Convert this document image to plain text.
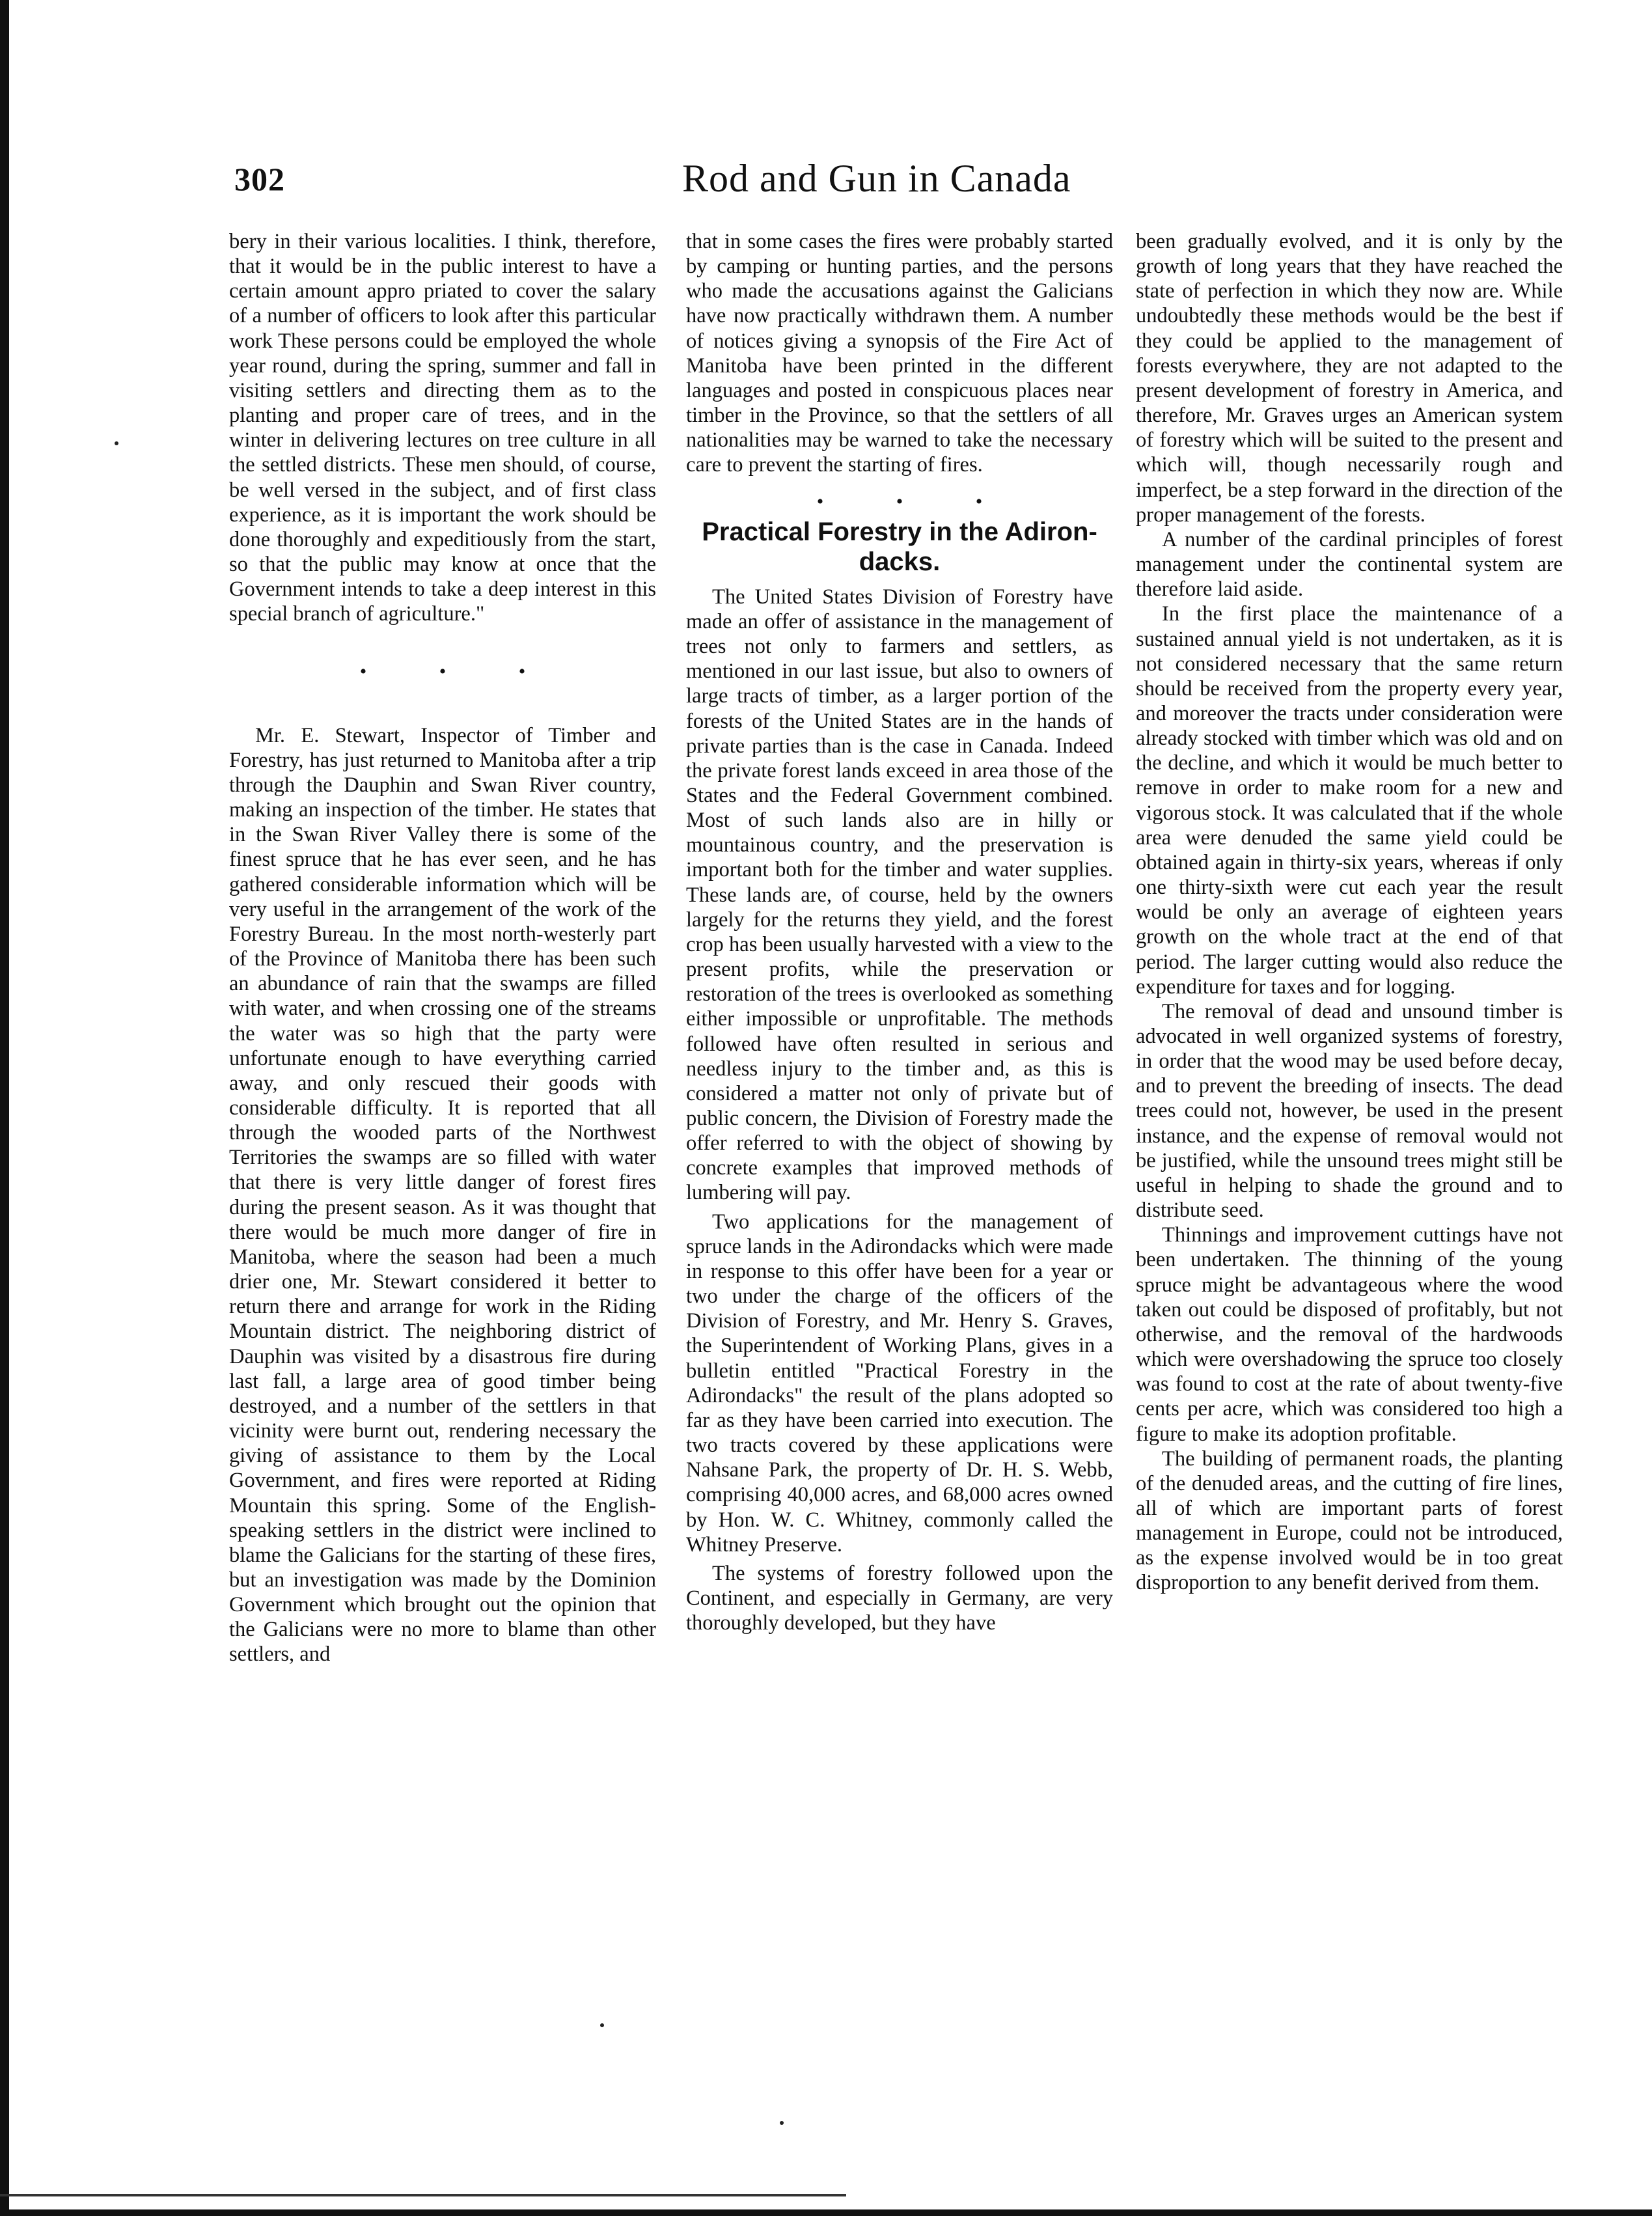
302	Rod and Gun in Canada

bery in their various localities. I think, therefore, that it would be in the public interest to have a certain amount appro priated to cover the salary of a number of officers to look after this particular work These persons could be employed the whole year round, during the spring, summer and fall in visiting settlers and directing them as to the planting and proper care of trees, and in the winter in delivering lectures on tree culture in all the settled districts. These men should, of course, be well versed in the subject, and of first class experience, as it is important the work should be done thoroughly and expeditiously from the start, so that the public may know at once that the Government intends to take a deep interest in this special branch of agriculture."

• • •

Mr. E. Stewart, Inspector of Timber and Forestry, has just returned to Manitoba after a trip through the Dauphin and Swan River country, making an inspection of the timber. He states that in the Swan River Valley there is some of the finest spruce that he has ever seen, and he has gathered considerable information which will be very useful in the arrangement of the work of the Forestry Bureau. In the most north-westerly part of the Province of Manitoba there has been such an abundance of rain that the swamps are filled with water, and when crossing one of the streams the water was so high that the party were unfortunate enough to have everything carried away, and only rescued their goods with considerable difficulty. It is reported that all through the wooded parts of the Northwest Territories the swamps are so filled with water that there is very little danger of forest fires during the present season. As it was thought that there would be much more danger of fire in Manitoba, where the season had been a much drier one, Mr. Stewart considered it better to return there and arrange for work in the Riding Mountain district. The neighboring district of Dauphin was visited by a disastrous fire during last fall, a large area of good timber being destroyed, and a number of the settlers in that vicinity were burnt out, rendering necessary the giving of assistance to them by the Local Government, and fires were reported at Riding Mountain this spring. Some of the English-speaking settlers in the district were inclined to blame the Galicians for the starting of these fires, but an investigation was made by the Dominion Government which brought out the opinion that the Galicians were no more to blame than other settlers, and

that in some cases the fires were probably started by camping or hunting parties, and the persons who made the accusations against the Galicians have now practically withdrawn them. A number of notices giving a synopsis of the Fire Act of Manitoba have been printed in the different languages and posted in conspicuous places near timber in the Province, so that the settlers of all nationalities may be warned to take the necessary care to prevent the starting of fires.

• • •
Practical Forestry in the Adiron-
dacks.

The United States Division of Forestry have made an offer of assistance in the management of trees not only to farmers and settlers, as mentioned in our last issue, but also to owners of large tracts of timber, as a larger portion of the forests of the United States are in the hands of private parties than is the case in Canada. Indeed the private forest lands exceed in area those of the States and the Federal Government combined. Most of such lands also are in hilly or mountainous country, and the preservation is important both for the timber and water supplies. These lands are, of course, held by the owners largely for the returns they yield, and the forest crop has been usually harvested with a view to the present profits, while the preservation or restoration of the trees is overlooked as something either impossible or unprofitable. The methods followed have often resulted in serious and needless injury to the timber and, as this is considered a matter not only of private but of public concern, the Division of Forestry made the offer referred to with the object of showing by concrete examples that improved methods of lumbering will pay.

Two applications for the management of spruce lands in the Adirondacks which were made in response to this offer have been for a year or two under the charge of the officers of the Division of Forestry, and Mr. Henry S. Graves, the Superintendent of Working Plans, gives in a bulletin entitled "Practical Forestry in the Adirondacks" the result of the plans adopted so far as they have been carried into execution. The two tracts covered by these applications were Nahsane Park, the property of Dr. H. S. Webb, comprising 40,000 acres, and 68,000 acres owned by Hon. W. C. Whitney, commonly called the Whitney Preserve.

The systems of forestry followed upon the Continent, and especially in Germany, are very thoroughly developed, but they have

been gradually evolved, and it is only by the growth of long years that they have reached the state of perfection in which they now are. While undoubtedly these methods would be the best if they could be applied to the management of forests everywhere, they are not adapted to the present development of forestry in America, and therefore, Mr. Graves urges an American system of forestry which will be suited to the present and which will, though necessarily rough and imperfect, be a step forward in the direction of the proper management of the forests.

A number of the cardinal principles of forest management under the continental system are therefore laid aside.

In the first place the maintenance of a sustained annual yield is not undertaken, as it is not considered necessary that the same return should be received from the property every year, and moreover the tracts under consideration were already stocked with timber which was old and on the decline, and which it would be much better to remove in order to make room for a new and vigorous stock. It was calculated that if the whole area were denuded the same yield could be obtained again in thirty-six years, whereas if only one thirty-sixth were cut each year the result would be only an average of eighteen years growth on the whole tract at the end of that period. The larger cutting would also reduce the expenditure for taxes and for logging.

The removal of dead and unsound timber is advocated in well organized systems of forestry, in order that the wood may be used before decay, and to prevent the breeding of insects. The dead trees could not, however, be used in the present instance, and the expense of removal would not be justified, while the unsound trees might still be useful in helping to shade the ground and to distribute seed.

Thinnings and improvement cuttings have not been undertaken. The thinning of the young spruce might be advantageous where the wood taken out could be disposed of profitably, but not otherwise, and the removal of the hardwoods which were overshadowing the spruce too closely was found to cost at the rate of about twenty-five cents per acre, which was considered too high a figure to make its adoption profitable.

The building of permanent roads, the planting of the denuded areas, and the cutting of fire lines, all of which are important parts of forest management in Europe, could not be introduced, as the expense involved would be in too great disproportion to any benefit derived from them.
